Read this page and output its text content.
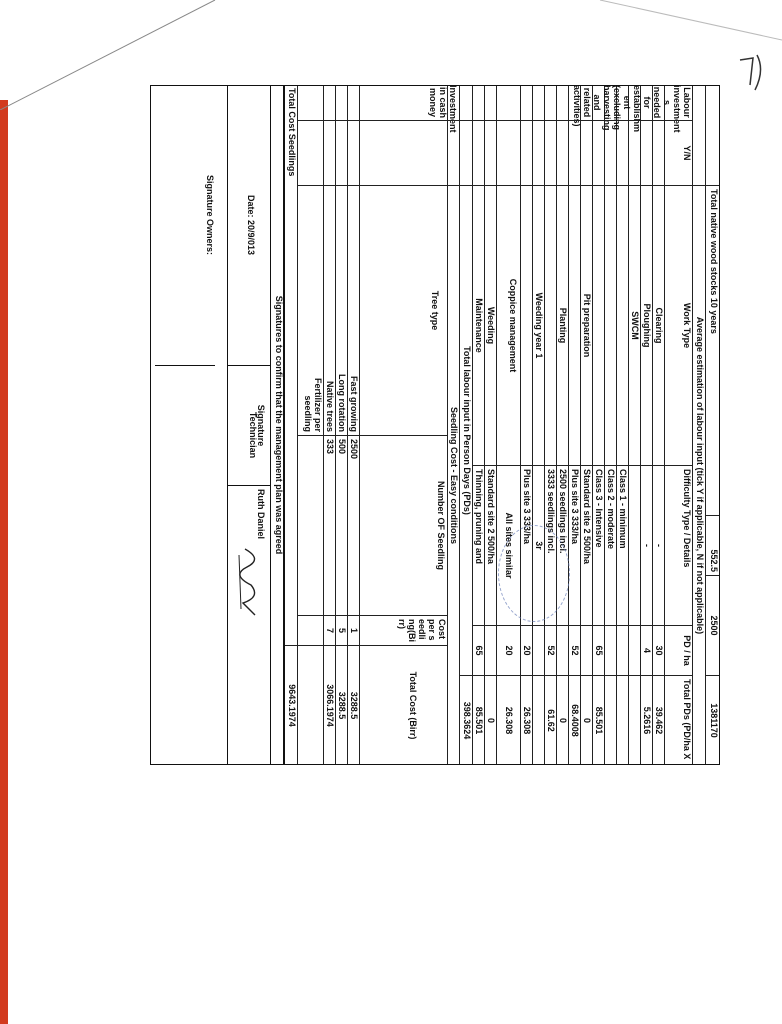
Total native wood stocks 10 years
552.5
2500
1381170
Average estimation of labour input (tick Y if applicable, N if not applicable)
Y/N
Work Type
Difficulty Type / Details
PD / ha
Total PDs (PD/ha X
Clearing
-
30
39.462
Ploughing
-
4
5.2616
SWCM
Class 1 - minimum
Class 2 - moderate
Class 3 - Intensive
65
85.501
Pit preparation
Standard site 2 500/ha
0
Plus site 3 333/ha
52
68.4008
Planting
2500 seedlings incl.
0
3333 seedlings incl.
52
61.62
Weeding year 1
3r
Plus site 3 333/ha
20
26.308
Coppice management
All sites similar
20
26.308
Weeding
Standard site 2 500/ha
0
Maintenance
Thinning, pruning and
65
85.501
Total labour input in Person Days (PDs)
398.3624
Seedling Cost - Easy conditions
Tree type
Number OF Seedling
Cost per seedling(Birr)
Total Cost (Birr)
Fast growing
2500
1
3288.5
Long rotation
500
5
3288.5
Native trees
333
7
3066.1974
Fertilizer per seedling
Total Cost Seedlings
9643.1974
Signatures to confirm that the management plan was agreed
Date: 20/9/013
Signature
Ruth Daniel
Technician
Signature Owners:
Labour investment s needed for establishm ent (excluding harvesting and related activities)
Investment in cash money
